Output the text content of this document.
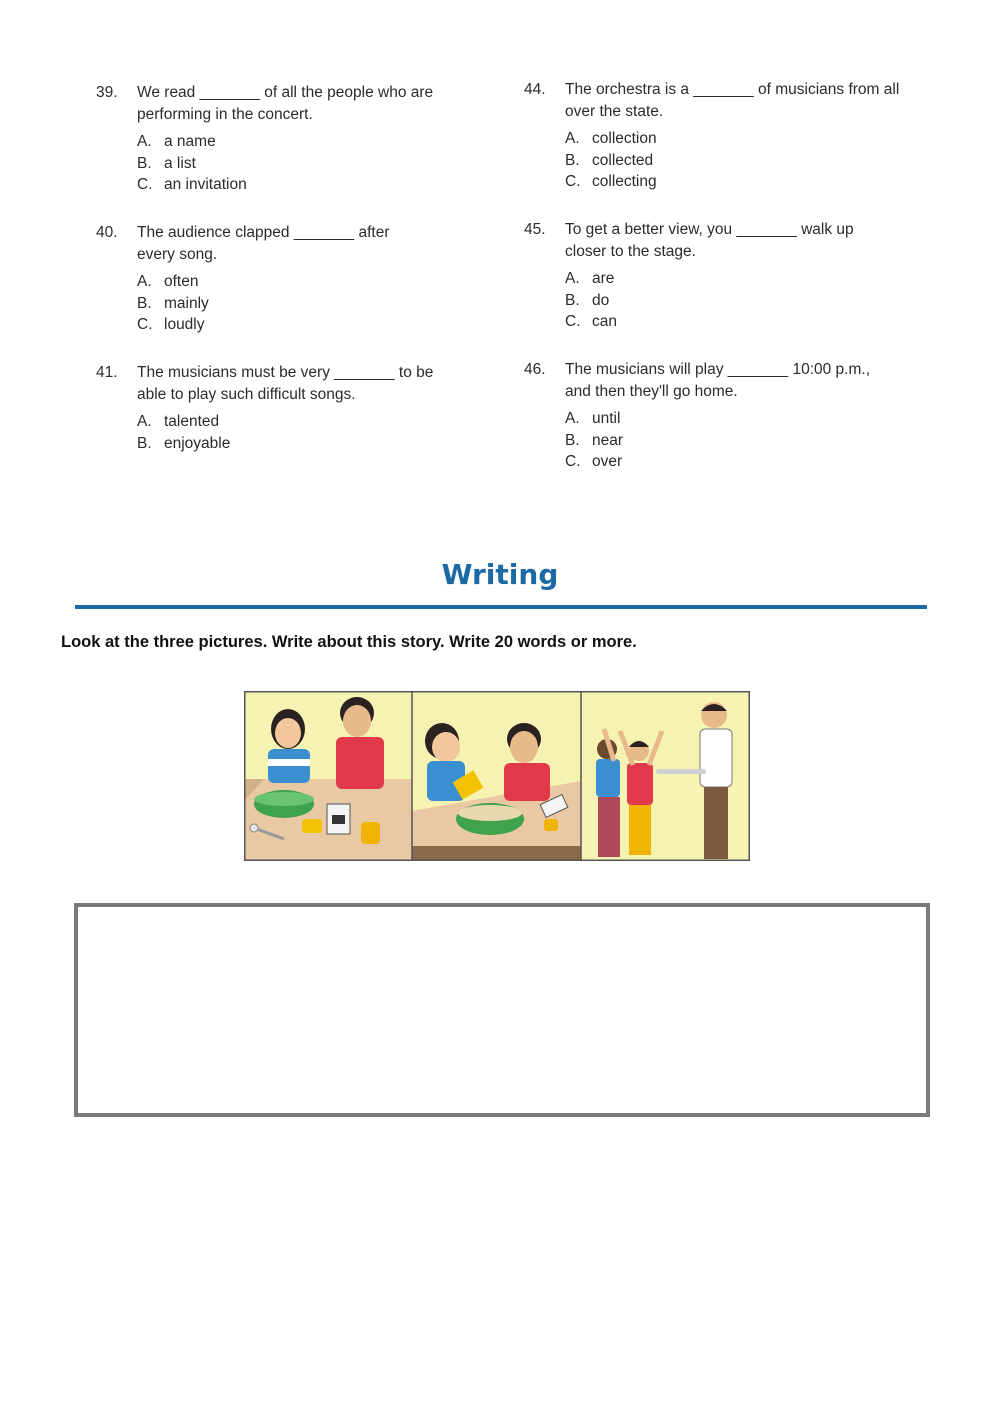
39.	We read _______ of all the people who are performing in the concert.
A. a name
B. a list
C. an invitation
40.	The audience clapped _______ after every song.
A. often
B. mainly
C. loudly
41.	The musicians must be very _______ to be able to play such difficult songs.
A. talented
B. enjoyable
44.	The orchestra is a _______ of musicians from all over the state.
A. collection
B. collected
C. collecting
45.	To get a better view, you _______ walk up closer to the stage.
A. are
B. do
C. can
46.	The musicians will play _______ 10:00 p.m., and then they'll go home.
A. until
B. near
C. over
Writing
Look at the three pictures. Write about this story. Write 20 words or more.
